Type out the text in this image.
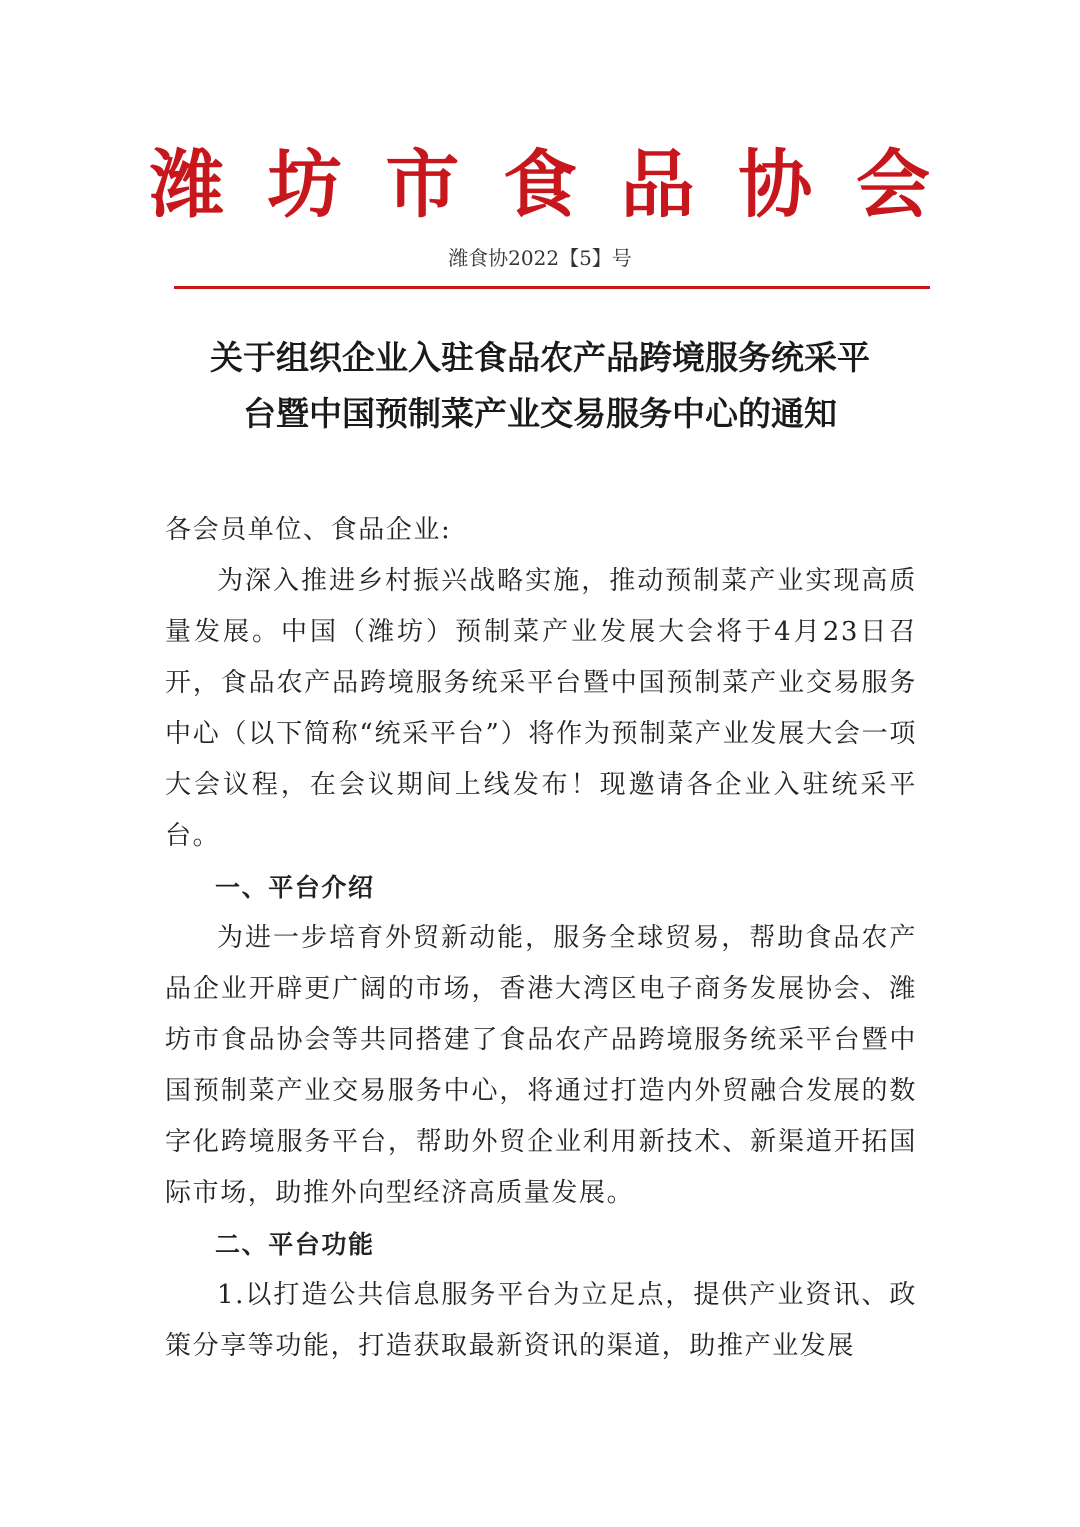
潍 坊 市 食 品 协 会
潍食协2022【5】号
关于组织企业入驻食品农产品跨境服务统采平
台暨中国预制菜产业交易服务中心的通知

各会员单位、食品企业:

为深入推进乡村振兴战略实施，推动预制菜产业实现高质量发展。中国（潍坊）预制菜产业发展大会将于4月23日召开，食品农产品跨境服务统采平台暨中国预制菜产业交易服务中心（以下简称“统采平台”）将作为预制菜产业发展大会一项大会议程，在会议期间上线发布！现邀请各企业入驻统采平台。

一、平台介绍

为进一步培育外贸新动能，服务全球贸易，帮助食品农产品企业开辟更广阔的市场，香港大湾区电子商务发展协会、潍坊市食品协会等共同搭建了食品农产品跨境服务统采平台暨中国预制菜产业交易服务中心，将通过打造内外贸融合发展的数字化跨境服务平台，帮助外贸企业利用新技术、新渠道开拓国际市场，助推外向型经济高质量发展。

二、平台功能

1.以打造公共信息服务平台为立足点，提供产业资讯、政策分享等功能，打造获取最新资讯的渠道，助推产业发展
